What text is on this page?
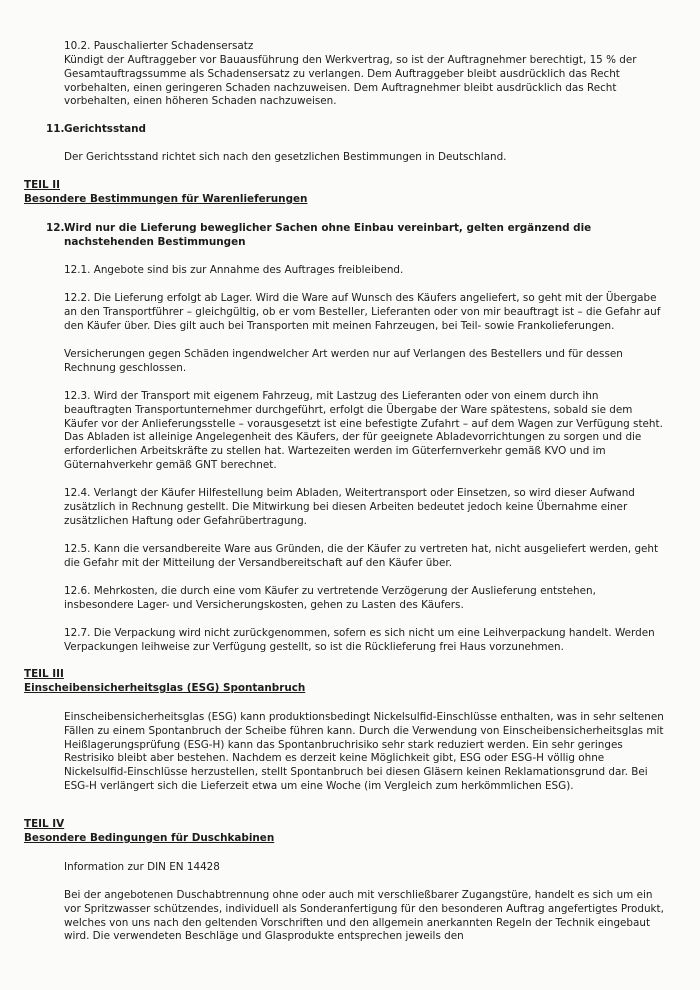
10.2. Pauschalierter Schadensersatz

Kündigt der Auftraggeber vor Bauausführung den Werkvertrag, so ist der Auftragnehmer berechtigt, 15 % der Gesamtauftragssumme als Schadensersatz zu verlangen. Dem Auftraggeber bleibt ausdrücklich das Recht vorbehalten, einen geringeren Schaden nachzuweisen. Dem Auftragnehmer bleibt ausdrücklich das Recht vorbehalten, einen höheren Schaden nachzuweisen.

11. Gerichtsstand

Der Gerichtsstand richtet sich nach den gesetzlichen Bestimmungen in Deutschland.

TEIL II
Besondere Bestimmungen für Warenlieferungen
12. Wird nur die Lieferung beweglicher Sachen ohne Einbau vereinbart, gelten ergänzend die nachstehenden Bestimmungen

12.1. Angebote sind bis zur Annahme des Auftrages freibleibend.

12.2. Die Lieferung erfolgt ab Lager. Wird die Ware auf Wunsch des Käufers angeliefert, so geht mit der Übergabe an den Transportführer – gleichgültig, ob er vom Besteller, Lieferanten oder von mir beauftragt ist – die Gefahr auf den Käufer über. Dies gilt auch bei Transporten mit meinen Fahrzeugen, bei Teil- sowie Frankolieferungen.

Versicherungen gegen Schäden ingendwelcher Art werden nur auf Verlangen des Bestellers und für dessen Rechnung geschlossen.

12.3. Wird der Transport mit eigenem Fahrzeug, mit Lastzug des Lieferanten oder von einem durch ihn beauftragten Transportunternehmer durchgeführt, erfolgt die Übergabe der Ware spätestens, sobald sie dem Käufer vor der Anlieferungsstelle – vorausgesetzt ist eine befestigte Zufahrt – auf dem Wagen zur Verfügung steht. Das Abladen ist alleinige Angelegenheit des Käufers, der für geeignete Abladevorrichtungen zu sorgen und die erforderlichen Arbeitskräfte zu stellen hat. Wartezeiten werden im Güterfernverkehr gemäß KVO und im Güternahverkehr gemäß GNT berechnet.

12.4. Verlangt der Käufer Hilfestellung beim Abladen, Weitertransport oder Einsetzen, so wird dieser Aufwand zusätzlich in Rechnung gestellt. Die Mitwirkung bei diesen Arbeiten bedeutet jedoch keine Übernahme einer zusätzlichen Haftung oder Gefahrübertragung.

12.5. Kann die versandbereite Ware aus Gründen, die der Käufer zu vertreten hat, nicht ausgeliefert werden, geht die Gefahr mit der Mitteilung der Versandbereitschaft auf den Käufer über.

12.6. Mehrkosten, die durch eine vom Käufer zu vertretende Verzögerung der Auslieferung entstehen, insbesondere Lager- und Versicherungskosten, gehen zu Lasten des Käufers.

12.7. Die Verpackung wird nicht zurückgenommen, sofern es sich nicht um eine Leihverpackung handelt. Werden Verpackungen leihweise zur Verfügung gestellt, so ist die Rücklieferung frei Haus vorzunehmen.

TEIL III
Einscheibensicherheitsglas (ESG) Spontanbruch

Einscheibensicherheitsglas (ESG) kann produktionsbedingt Nickelsulfid-Einschlüsse enthalten, was in sehr seltenen Fällen zu einem Spontanbruch der Scheibe führen kann. Durch die Verwendung von Einscheibensicherheitsglas mit Heißlagerungsprüfung (ESG-H) kann das Spontanbruchrisiko sehr stark reduziert werden. Ein sehr geringes Restrisiko bleibt aber bestehen. Nachdem es derzeit keine Möglichkeit gibt, ESG oder ESG-H völlig ohne Nickelsulfid-Einschlüsse herzustellen, stellt Spontanbruch bei diesen Gläsern keinen Reklamationsgrund dar. Bei ESG-H verlängert sich die Lieferzeit etwa um eine Woche (im Vergleich zum herkömmlichen ESG).

TEIL IV
Besondere Bedingungen für Duschkabinen

Information zur DIN EN 14428

Bei der angebotenen Duschabtrennung ohne oder auch mit verschließbarer Zugangstüre, handelt es sich um ein vor Spritzwasser schützendes, individuell als Sonderanfertigung für den besonderen Auftrag angefertigtes Produkt, welches von uns nach den geltenden Vorschriften und den allgemein anerkannten Regeln der Technik eingebaut wird. Die verwendeten Beschläge und Glasprodukte entsprechen jeweils den
